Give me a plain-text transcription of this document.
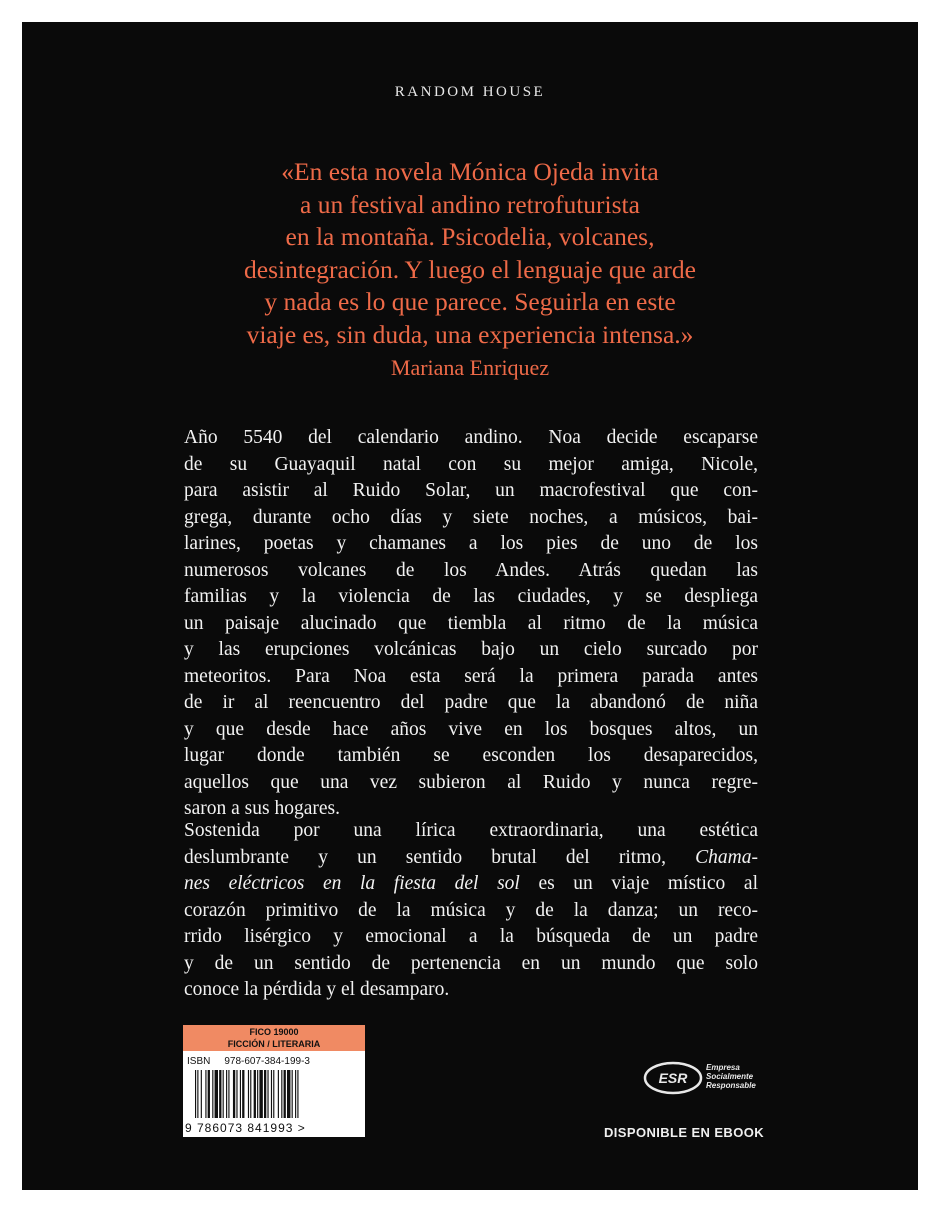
RANDOM HOUSE
«En esta novela Mónica Ojeda invita
a un festival andino retrofuturista
en la montaña. Psicodelia, volcanes,
desintegración. Y luego el lenguaje que arde
y nada es lo que parece. Seguirla en este
viaje es, sin duda, una experiencia intensa.»
Mariana Enriquez
Año 5540 del calendario andino. Noa decide escaparse
de su Guayaquil natal con su mejor amiga, Nicole,
para asistir al Ruido Solar, un macrofestival que con-
grega, durante ocho días y siete noches, a músicos, bai-
larines, poetas y chamanes a los pies de uno de los
numerosos volcanes de los Andes. Atrás quedan las
familias y la violencia de las ciudades, y se despliega
un paisaje alucinado que tiembla al ritmo de la música
y las erupciones volcánicas bajo un cielo surcado por
meteoritos. Para Noa esta será la primera parada antes
de ir al reencuentro del padre que la abandonó de niña
y que desde hace años vive en los bosques altos, un
lugar donde también se esconden los desaparecidos,
aquellos que una vez subieron al Ruido y nunca regre-
saron a sus hogares.
Sostenida por una lírica extraordinaria, una estética
deslumbrante y un sentido brutal del ritmo, Chama-
nes eléctricos en la fiesta del sol es un viaje místico al
corazón primitivo de la música y de la danza; un reco-
rrido lisérgico y emocional a la búsqueda de un padre
y de un sentido de pertenencia en un mundo que solo
conoce la pérdida y el desamparo.
FICO 19000
FICCIÓN / LITERARIA
ISBN 978-607-384-199-3
9 786073 841993 >
ESR
Empresa
Socialmente
Responsable
DISPONIBLE EN EBOOK
